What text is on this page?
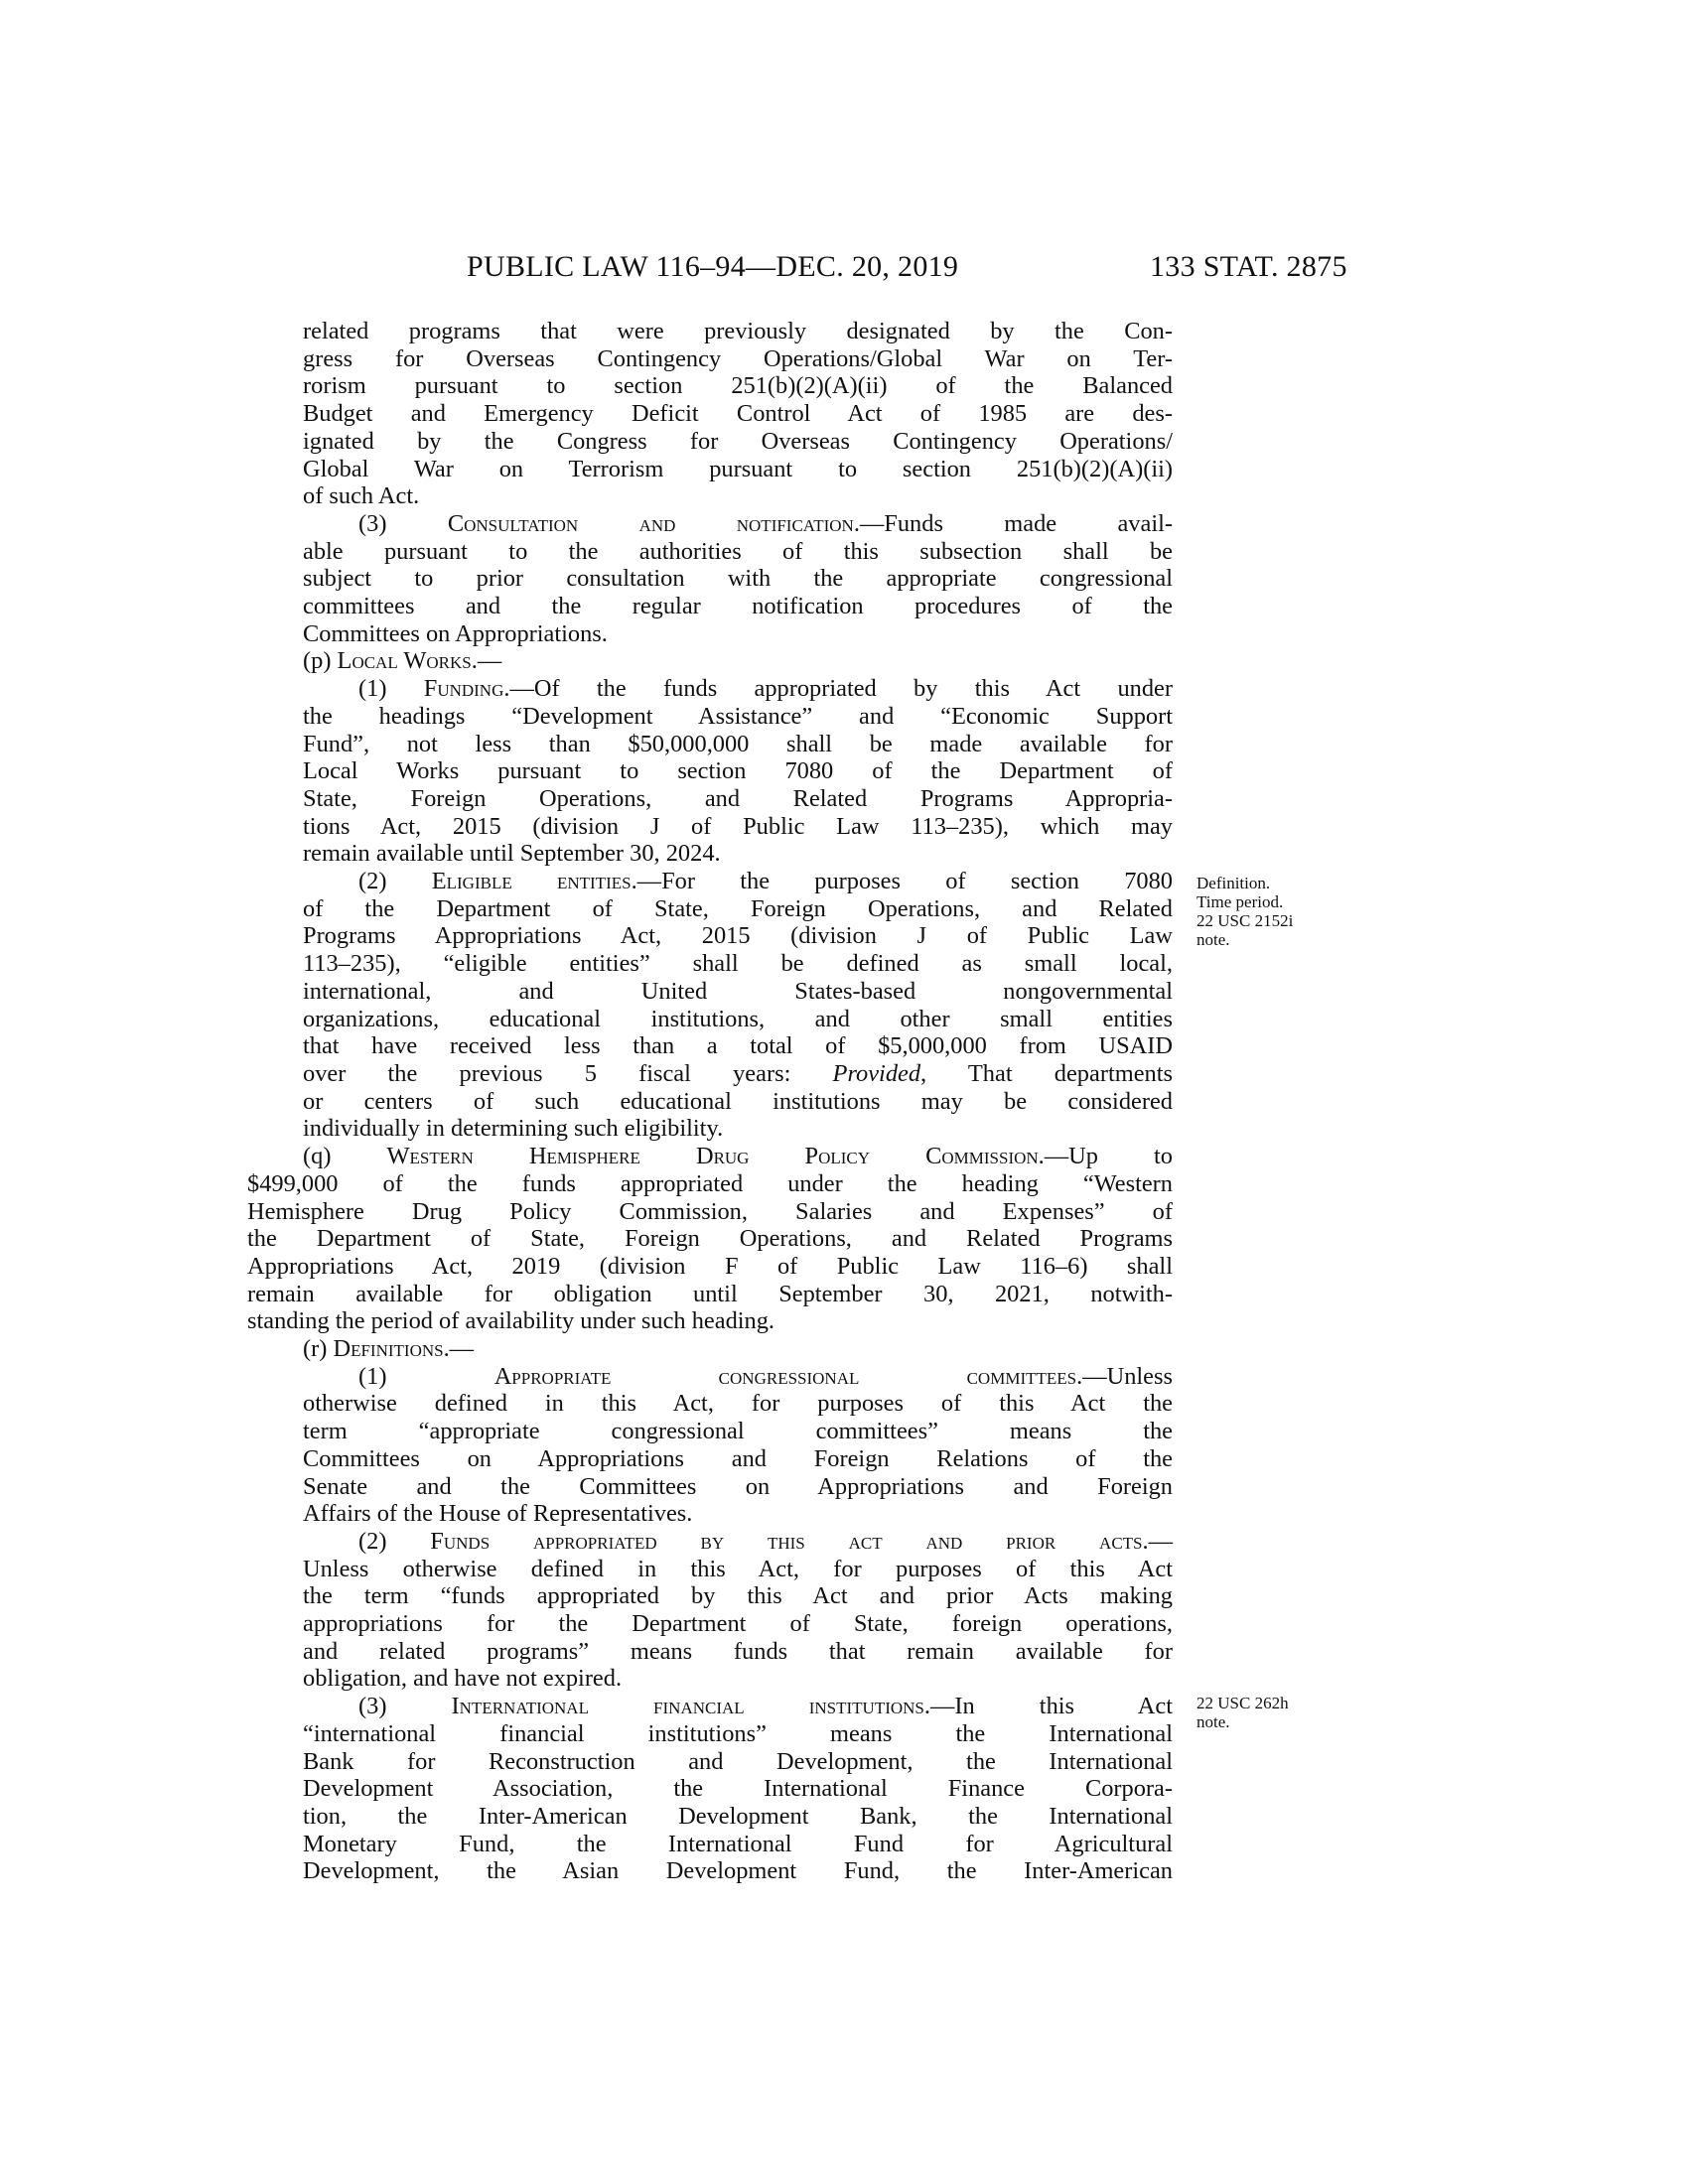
PUBLIC LAW 116–94—DEC. 20, 2019	133 STAT. 2875

related programs that were previously designated by the Con-

gress for Overseas Contingency Operations/Global War on Ter-

rorism pursuant to section 251(b)(2)(A)(ii) of the Balanced

Budget and Emergency Deficit Control Act of 1985 are des-

ignated by the Congress for Overseas Contingency Operations/

Global War on Terrorism pursuant to section 251(b)(2)(A)(ii)

of such Act.

(3) Consultation and notification.—Funds made avail-

able pursuant to the authorities of this subsection shall be

subject to prior consultation with the appropriate congressional

committees and the regular notification procedures of the

Committees on Appropriations.

(p) Local Works.—

(1) Funding.—Of the funds appropriated by this Act under

the headings “Development Assistance” and “Economic Support

Fund”, not less than $50,000,000 shall be made available for

Local Works pursuant to section 7080 of the Department of

State, Foreign Operations, and Related Programs Appropria-

tions Act, 2015 (division J of Public Law 113–235), which may

remain available until September 30, 2024.

(2) Eligible entities.—For the purposes of section 7080

of the Department of State, Foreign Operations, and Related

Programs Appropriations Act, 2015 (division J of Public Law

113–235), “eligible entities” shall be defined as small local,

international, and United States-based nongovernmental

organizations, educational institutions, and other small entities

that have received less than a total of $5,000,000 from USAID

over the previous 5 fiscal years: Provided, That departments

or centers of such educational institutions may be considered

individually in determining such eligibility.

(q) Western Hemisphere Drug Policy Commission.—Up to

$499,000 of the funds appropriated under the heading “Western

Hemisphere Drug Policy Commission, Salaries and Expenses” of

the Department of State, Foreign Operations, and Related Programs

Appropriations Act, 2019 (division F of Public Law 116–6) shall

remain available for obligation until September 30, 2021, notwith-

standing the period of availability under such heading.

(r) Definitions.—

(1) Appropriate congressional committees.—Unless

otherwise defined in this Act, for purposes of this Act the

term “appropriate congressional committees” means the

Committees on Appropriations and Foreign Relations of the

Senate and the Committees on Appropriations and Foreign

Affairs of the House of Representatives.

(2) Funds appropriated by this act and prior acts.—

Unless otherwise defined in this Act, for purposes of this Act

the term “funds appropriated by this Act and prior Acts making

appropriations for the Department of State, foreign operations,

and related programs” means funds that remain available for

obligation, and have not expired.

(3) International financial institutions.—In this Act

“international financial institutions” means the International

Bank for Reconstruction and Development, the International

Development Association, the International Finance Corpora-

tion, the Inter-American Development Bank, the International

Monetary Fund, the International Fund for Agricultural

Development, the Asian Development Fund, the Inter-American

Definition.
Time period.
22 USC 2152i
note.
22 USC 262h
note.
